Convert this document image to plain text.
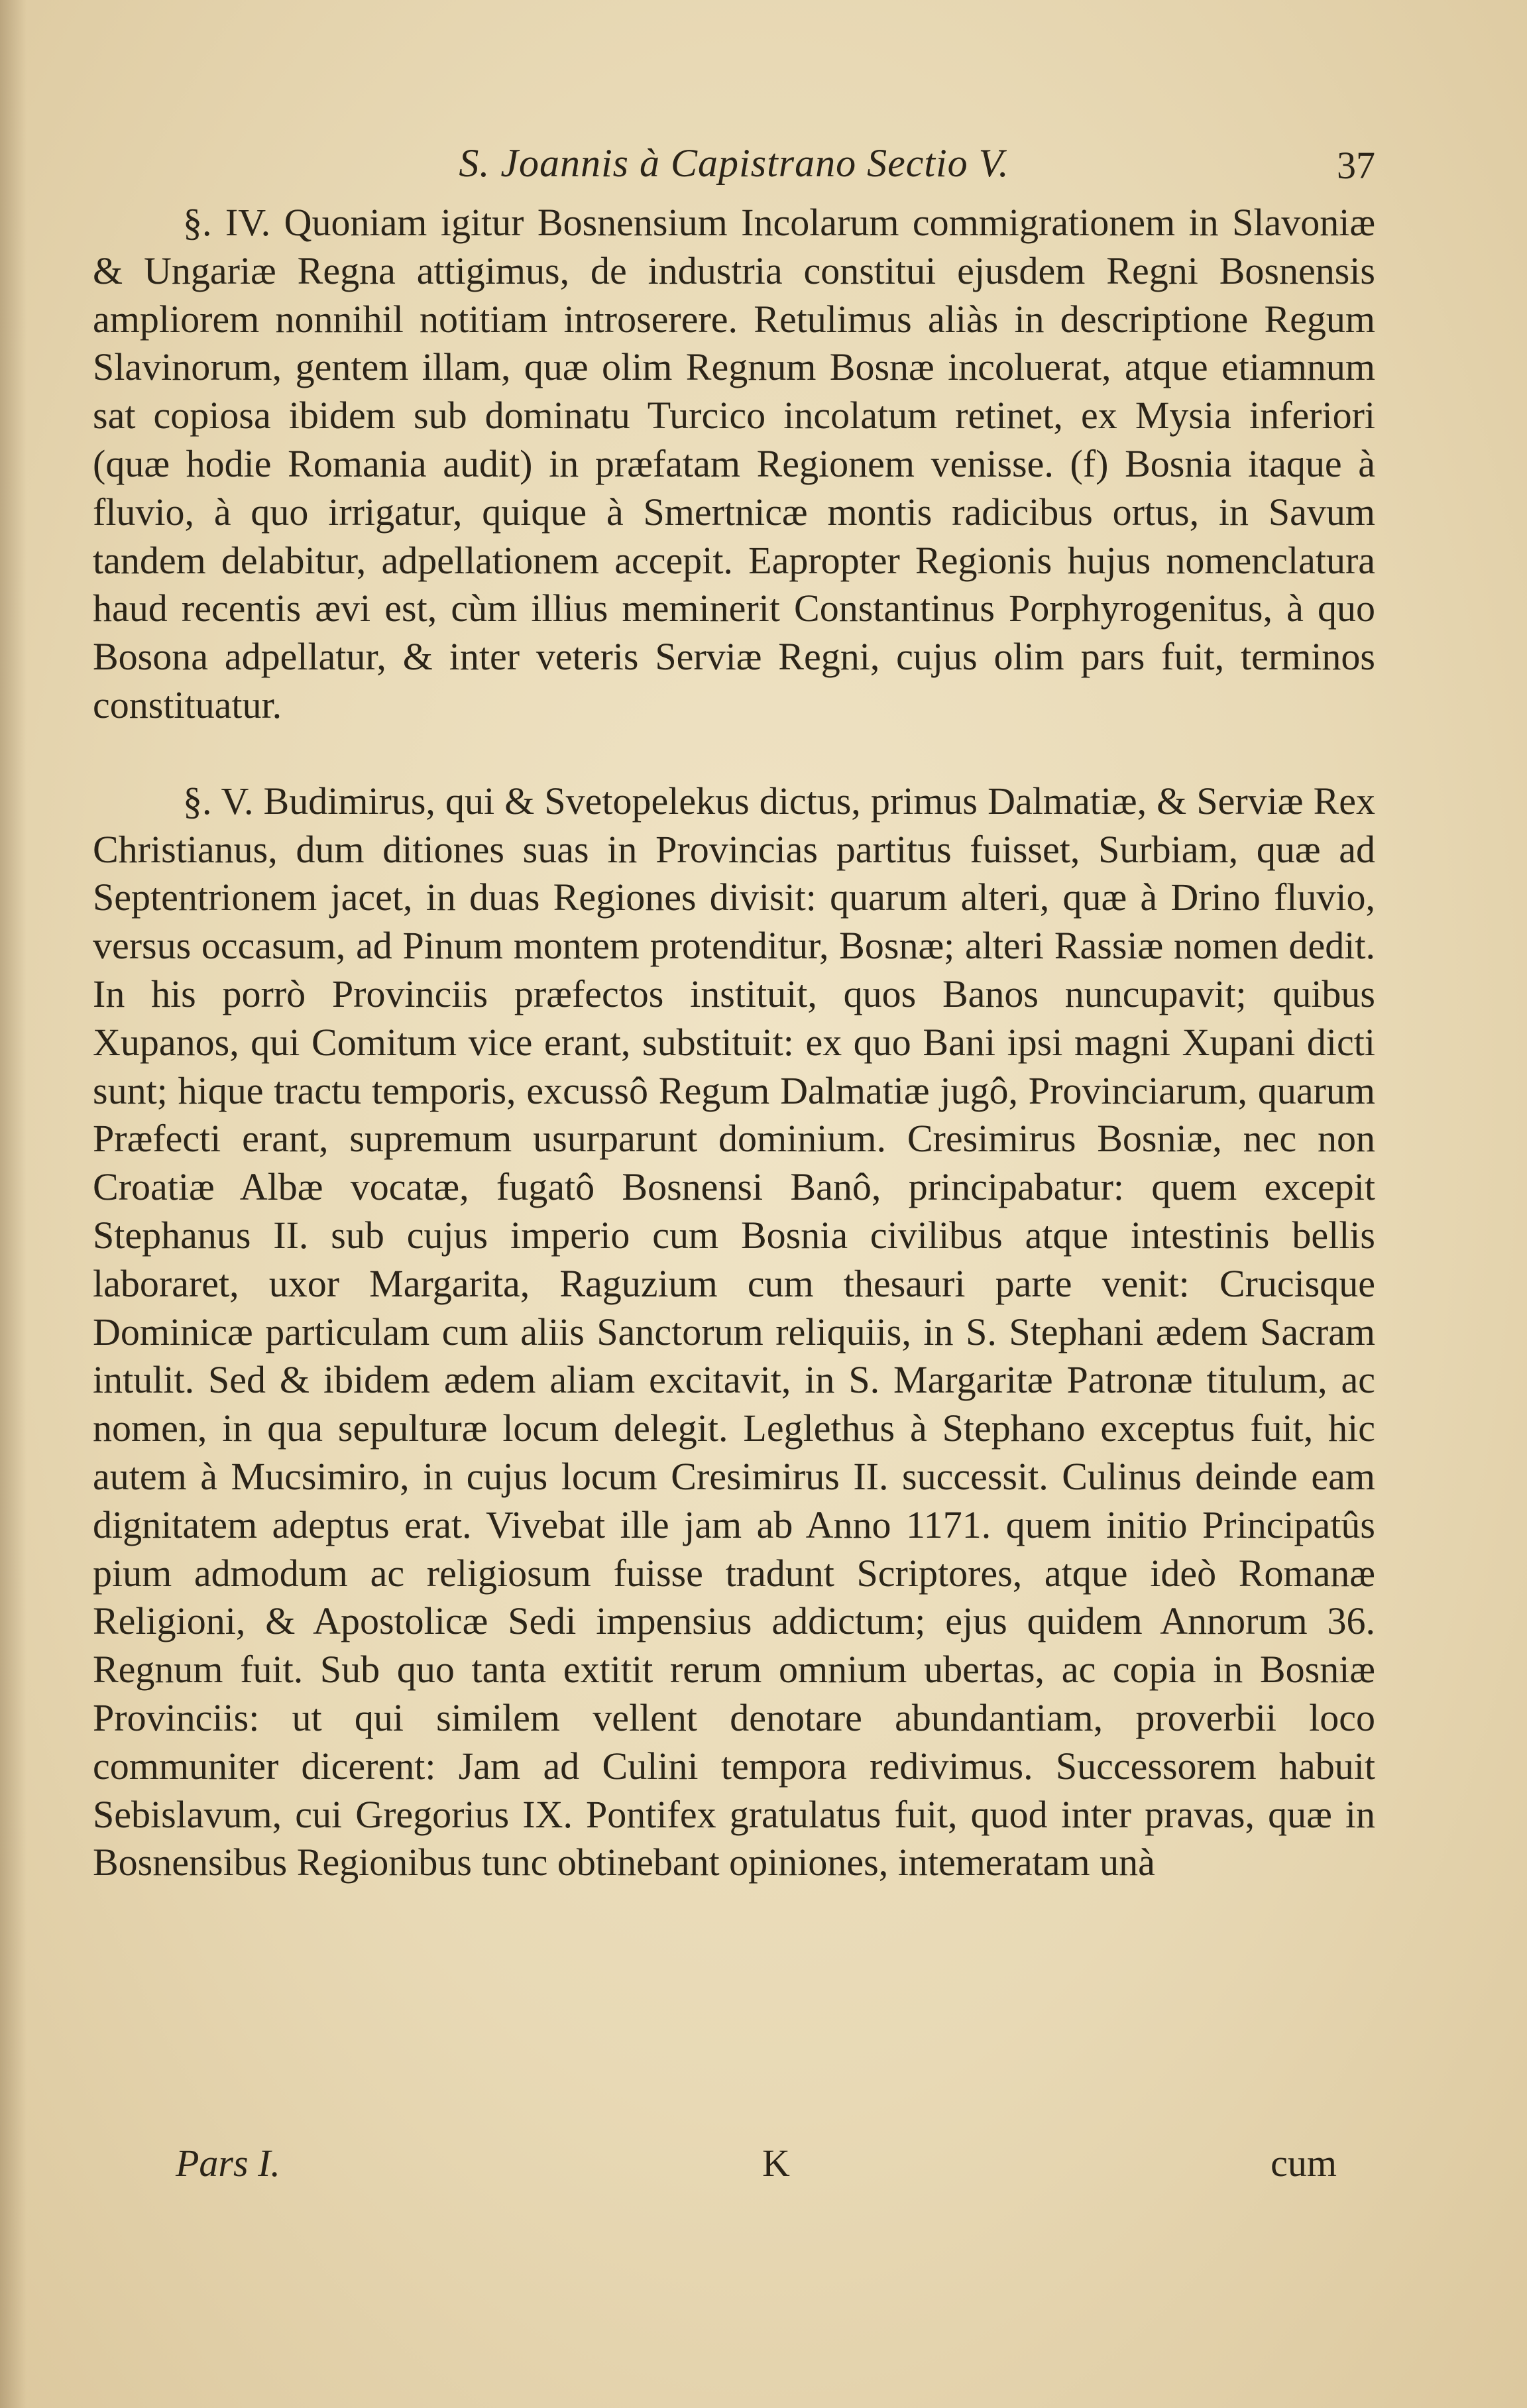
S. Joannis à Capistrano Sectio V.	37

§. IV. Quoniam igitur Bosnensium Incolarum commigrationem in Slavoniæ & Ungariæ Regna attigimus, de industria constitui ejusdem Regni Bosnensis ampliorem nonnihil notitiam introserere. Retulimus aliàs in descriptione Regum Slavinorum, gentem illam, quæ olim Regnum Bosnæ incoluerat, atque etiamnum sat copiosa ibidem sub dominatu Turcico incolatum retinet, ex Mysia inferiori (quæ hodie Romania audit) in præfatam Regionem venisse. (f) Bosnia itaque à fluvio, à quo irrigatur, quique à Smertnicæ montis radicibus ortus, in Savum tandem delabitur, adpellationem accepit. Eapropter Regionis hujus nomenclatura haud recentis ævi est, cùm illius meminerit Constantinus Porphyrogenitus, à quo Bosona adpellatur, & inter veteris Serviæ Regni, cujus olim pars fuit, terminos constituatur.

§. V. Budimirus, qui & Svetopelekus dictus, primus Dalmatiæ, & Serviæ Rex Christianus, dum ditiones suas in Provincias partitus fuisset, Surbiam, quæ ad Septentrionem jacet, in duas Regiones divisit: quarum alteri, quæ à Drino fluvio, versus occasum, ad Pinum montem protenditur, Bosnæ; alteri Rassiæ nomen dedit. In his porrò Provinciis præfectos instituit, quos Banos nuncupavit; quibus Xupanos, qui Comitum vice erant, substituit: ex quo Bani ipsi magni Xupani dicti sunt; hique tractu temporis, excussô Regum Dalmatiæ jugô, Provinciarum, quarum Præfecti erant, supremum usurparunt dominium. Cresimirus Bosniæ, nec non Croatiæ Albæ vocatæ, fugatô Bosnensi Banô, principabatur: quem excepit Stephanus II. sub cujus imperio cum Bosnia civilibus atque intestinis bellis laboraret, uxor Margarita, Raguzium cum thesauri parte venit: Crucisque Dominicæ particulam cum aliis Sanctorum reliquiis, in S. Stephani ædem Sacram intulit. Sed & ibidem ædem aliam excitavit, in S. Margaritæ Patronæ titulum, ac nomen, in qua sepulturæ locum delegit. Leglethus à Stephano exceptus fuit, hic autem à Mucsimiro, in cujus locum Cresimirus II. successit. Culinus deinde eam dignitatem adeptus erat. Vivebat ille jam ab Anno 1171. quem initio Principatûs pium admodum ac religiosum fuisse tradunt Scriptores, atque ideò Romanæ Religioni, & Apostolicæ Sedi impensius addictum; ejus quidem Annorum 36. Regnum fuit. Sub quo tanta extitit rerum omnium ubertas, ac copia in Bosniæ Provinciis: ut qui similem vellent denotare abundantiam, proverbii loco communiter dicerent: Jam ad Culini tempora redivimus. Successorem habuit Sebislavum, cui Gregorius IX. Pontifex gratulatus fuit, quod inter pravas, quæ in Bosnensibus Regionibus tunc obtinebant opiniones, intemeratam unà

Pars I.	K	cum
